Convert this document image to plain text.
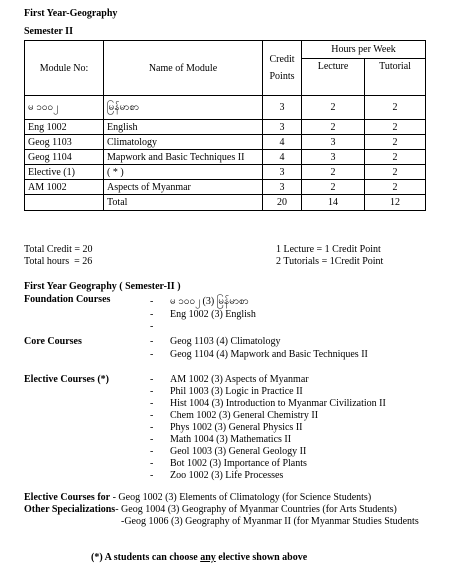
First Year-Geography
Semester II
Module No:	Name of Module	Credit Points	Hours per Week	
			Lecture	Tutorial
မ ၁၀၀၂	မြန်မာစာ	3	2	2
Eng 1002	English	3	2	2
Geog 1103	Climatology	4	3	2
Geog 1104	Mapwork and Basic Techniques II	4	3	2
Elective (1)	( * )	3	2	2
AM 1002	Aspects of Myanmar	3	2	2
	Total	20	14	12
Total Credit = 20
Total hours  = 26
1 Lecture = 1 Credit Point
2 Tutorials = 1Credit Point
First Year Geography ( Semester-II )
Foundation Courses	- မ ၁၀၀၂ (3) မြန်မာစာ
- Eng 1002 (3) English
-
Core Courses	- Geog 1103 (4) Climatology
- Geog 1104 (4) Mapwork and Basic Techniques II
Elective Courses (*)	- AM 1002 (3) Aspects of Myanmar
- Phil 1003 (3) Logic in Practice II
- Hist 1004 (3) Introduction to Myanmar Civilization II
- Chem 1002 (3) General Chemistry II
- Phys 1002 (3) General Physics II
- Math 1004 (3) Mathematics II
- Geol 1003 (3) General Geology II
- Bot 1002 (3) Importance of Plants
- Zoo 1002 (3) Life Processes
Elective Courses for - Geog 1002 (3) Elements of Climatology (for Science Students)
Other Specializations- Geog 1004 (3) Geography of Myanmar Countries (for Arts Students)
-Geog 1006 (3) Geography of Myanmar II (for Myanmar Studies Students
(*) A students can choose any elective shown above
